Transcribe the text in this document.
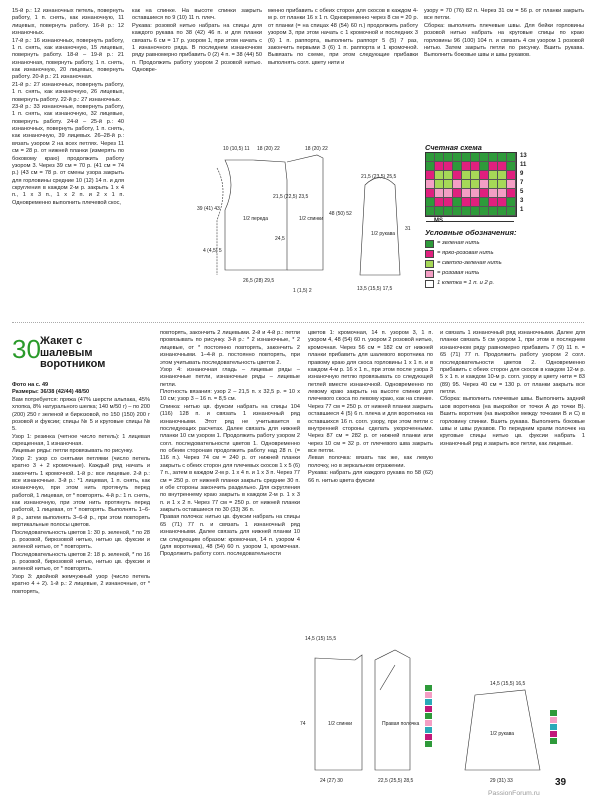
15-й р.: 12 изнаночных петель, повернуть работу, 1 п. снять, как изнаночную, 11 лицевых, повернуть работу. 16-й р.: 12 изнаночных.

17-й р.: 16 изнаночных, повернуть работу, 1 п. снять, как изнаночную, 15 лицевых, повернуть работу. 18-й – 19-й р.: 21 изнаночная, повернуть работу, 1 п. снять, как изнаночную, 20 лицевых, повернуть работу. 20-й р.: 21 изнаночная.

21-й р.: 27 изнаночных, повернуть работу, 1 п. снять, как изнаночную, 26 лицевых, повернуть работу. 22-й р.: 27 изнаночных.

23-й р.: 33 изнаночные, повернуть работу, 1 п. снять, как изнаночную, 32 лицевые, повернуть работу. 24-й – 25-й р.: 40 изнаночных, повернуть работу, 1 п. снять, как изнаночную, 39 лицевых. 26–28-й р.: вязать узором 2 на всех петлях. Через 11 см = 28 р. от нижней планки (измерять по боковому краю) продолжить работу узором 3. Через 39 см = 70 р. (41 см = 74 р.) (43 см = 78 р. от смены узора закрыть для горловины средние 10 (12) 14 п. и для скругления в каждом 2-м р. закрыть 1 х 4 п., 1 х 3 п., 1 х 2 п. и 2 х 1 п. Одновременно выполнить плечевой скос,

как на спинке. На высоте спинки закрыть оставшиеся по 9 (10) 11 п. плеч.

Рукава: розовой нитью набрать на спицы для каждого рукава по 38 (42) 46 п. и для планки связать 6 см = 17 р. узором 1, при этом начать с 1 изнаночного ряда. В последнем изнаночном ряду равномерно прибавить 0 (2) 4 п. = 38 (44) 50 п. Продолжить работу узором 2 розовой нитью. Одновре-

менно прибавить с обеих сторон для скосов в каждом 4-м р. от планки 16 х 1 п. Одновременно через 8 см = 20 р. от планки (= на спицах 48 (54) 60 п.) продолжить работу узором 3, при этом начать с 1 кромочной и последних 3 (6) 1 п. раппорта, выполнить раппорт 5 (5) 7 раз, закончить первыми 3 (6) 1 п. раппорта и 1 кромочной. Вывязать по схеме, при этом следующие прибавки выполнять согл. цвету нити и

узору = 70 (76) 82 п. Через 31 см = 56 р. от планки закрыть все петли.

Сборка: выполнить плечевые швы. Для бейки горловины розовой нитью набрать на круговые спицы по краю горловины 96 (100) 104 п. и связать 4 см узором 1 розовой нитью. Затем закрыть петли по рисунку. Вшить рукава. Выполнить боковые швы и швы рукавов.

Счетная схема
13
11
9
7
5
3
1
MS
Условные обозначения:
= зеленая нить
= ярко-розовая нить
= светло-зеленая нить
= розовая нить
1 клетка = 1 п. и 2 р.
1/2 переда	1/2 спинки
1/2 рукава
10 (10,5) 11 18 (20) 22
39 (41) 43
21,5 (22,5) 23,5
24,5
4 (4,5) 5
26,5 (28) 29,5
18 (20) 22
48 (50) 52
1 (1,5) 2
21,5 (23,5) 25,5
31
13,5 (15,5) 17,5
30 Жакет с шалевым воротником

Фото на с. 49

Размеры: 36/38 (42/44) 48/50

Вам потребуется: пряжа (47% шерсти альпака, 45% хлопка, 8% натурального шелка; 140 м/50 г) – по 200 (200) 250 г зеленой и бирюзовой, по 150 (150) 200 г розовой и фуксии; спицы № 5 и круговые спицы № 5.

Узор 1: резинка (четное число петель): 1 лицевая скрещенная, 1 изнаночная.

Лицевые ряды: петли провязывать по рисунку.

Узор 2: узор со снятыми петлями (число петель кратно 3 + 2 кромочные). Каждый ряд начать и закончить 1 кромочной. 1-й р.: все лицевые. 2-й р.: все изнаночные. 3-й р.: *1 лицевая, 1 п. снять, как изнаночную, при этом нить протянуть перед работой, 1 лицевая, от * повторять. 4-й р.: 1 п. снять, как изнаночную, при этом нить протянуть перед работой, 1 лицевая, от * повторять. Выполнять 1–6-й р., затем выполнять 3–6-й р., при этом повторять вертикальные полосы цветов.

Последовательность цветов 1: 30 р. зеленой, * по 28 р. розовой, бирюзовой нитью, нитью цв. фуксии и зеленой нитью, от * повторять.

Последовательность цветов 2: 18 р. зеленой, * по 16 р. розовой, бирюзовой нитью, нитью цв. фуксии и зеленой нитью, от * повторять.

Узор 3: двойной жемчужный узор (число петель кратно 4 + 2). 1-й р.: 2 лицевые, 2 изнаночные, от * повторять,

повторять, закончить 2 лицевыми. 2-й и 4-й р.: петли провязывать по рисунку. 3-й р.: * 2 изнаночные, * 2 лицевые, от * постоянно повторять, закончить 2 изнаночными. 1–4-й р. постоянно повторять, при этом учитывать последовательность цветов 2.

Узор 4: изнаночная гладь – лицевые ряды – изнаночные петли, изнаночные ряды – лицевые петли.

Плотность вязания: узор 2 – 21,5 п. х 32,5 р. = 10 х 10 см; узор 3 – 16 п. = 8,5 см.

Спинка: нитью цв. фуксии набрать на спицы 104 (116) 128 п. и связать 1 изнаночный ряд изнаночными. Этот ряд не учитывается в последующих расчетах. Далее связать для нижней планки 10 см узором 1. Продолжить работу узором 2 согл. последовательности цветов 1. Одновременно по обеим сторонам продолжить работу над 28 п. (= 116 п.). Через 74 см = 240 р. от нижней планки закрыть с обеих сторон для плечевых скосов 1 х 5 (6) 7 п., затем в каждом 2-м р. 1 х 4 п. и 1 х 3 п. Через 77 см = 250 р. от нижней планки закрыть средние 30 п. и обе стороны закончить раздельно. Для скругления по внутреннему краю закрыть в каждом 2-м р. 1 х 3 п. и 1 х 2 п. Через 77 см = 250 р. от нижней планки закрыть оставшиеся по 30 (33) 36 п.

Правая полочка: нитью цв. фуксии набрать на спицы 65 (71) 77 п. и связать 1 изнаночный ряд изнаночными. Далее связать для нижней планки 10 см следующим образом: кромочная, 14 п. узором 4 (для воротника), 48 (54) 60 п. узором 1, кромочная. Продолжить работу согл. последовательности

цветов 1: кромочная, 14 п. узором 3, 1 п. узором 4, 48 (54) 60 п. узором 2 розовой нитью, кромочная. Через 56 см = 182 см от нижней планки прибавить для шалевого воротника по правому краю для скоса горловины 1 х 1 п. и в каждом 4-м р. 16 х 1 п., при этом после узора 3 изнаночную петлю провязывать со следующей петлей вместе изнаночной. Одновременно по левому краю закрыть на высоте спинки для плечевого скоса по левому краю, как на спинке. Через 77 см = 250 р. от нижней планки закрыть оставшиеся 4 (5) 6 п. плеча и для воротника на оставшихся 16 п. согл. узору, при этом петли с внутренней стороны сделать укороченными. Через 87 см = 282 р. от нижней планки или через 10 см = 32 р. от плечевого шва закрыть все петли.

Левая полочка: вязать так же, как левую полочку, но в зеркальном отражении.

Рукава: набрать для каждого рукава по 58 (62) 66 п. нитью цвета фуксии

и связать 1 изнаночный ряд изнаночными. Далее для планки связать 5 см узором 1, при этом в последнем изнаночном ряду равномерно прибавить 7 (9) 11 п. = 65 (71) 77 п. Продолжить работу узором 2 согл. последовательности цветов 2. Одновременно прибавить с обеих сторон для скосов в каждом 12-м р. 5 х 1 п. и каждом 10-м р. согл. узору и цвету нити = 83 (89) 95. Через 40 см = 130 р. от планки закрыть все петли.

Сборка: выполнить плечевые швы. Выполнить задний шов воротника (на выкройке от точки А до точки B). Вшить воротник (на выкройке между точками B и C) в горловину спинки. Вшить рукава. Выполнить боковые швы и швы рукавов. По передним краям полочек на круговые спицы нитью цв. фуксии набрать 1 изнаночный ряд и закрыть все петли, как лицевые.

1/2 спинки	Правая полочка
1/2 рукава
14,5 (15) 15,5
74
24 (27) 30	22,5 (25,5) 28,5
14,5 (15,5) 16,5
29 (31) 33	39
PassionForum.ru
